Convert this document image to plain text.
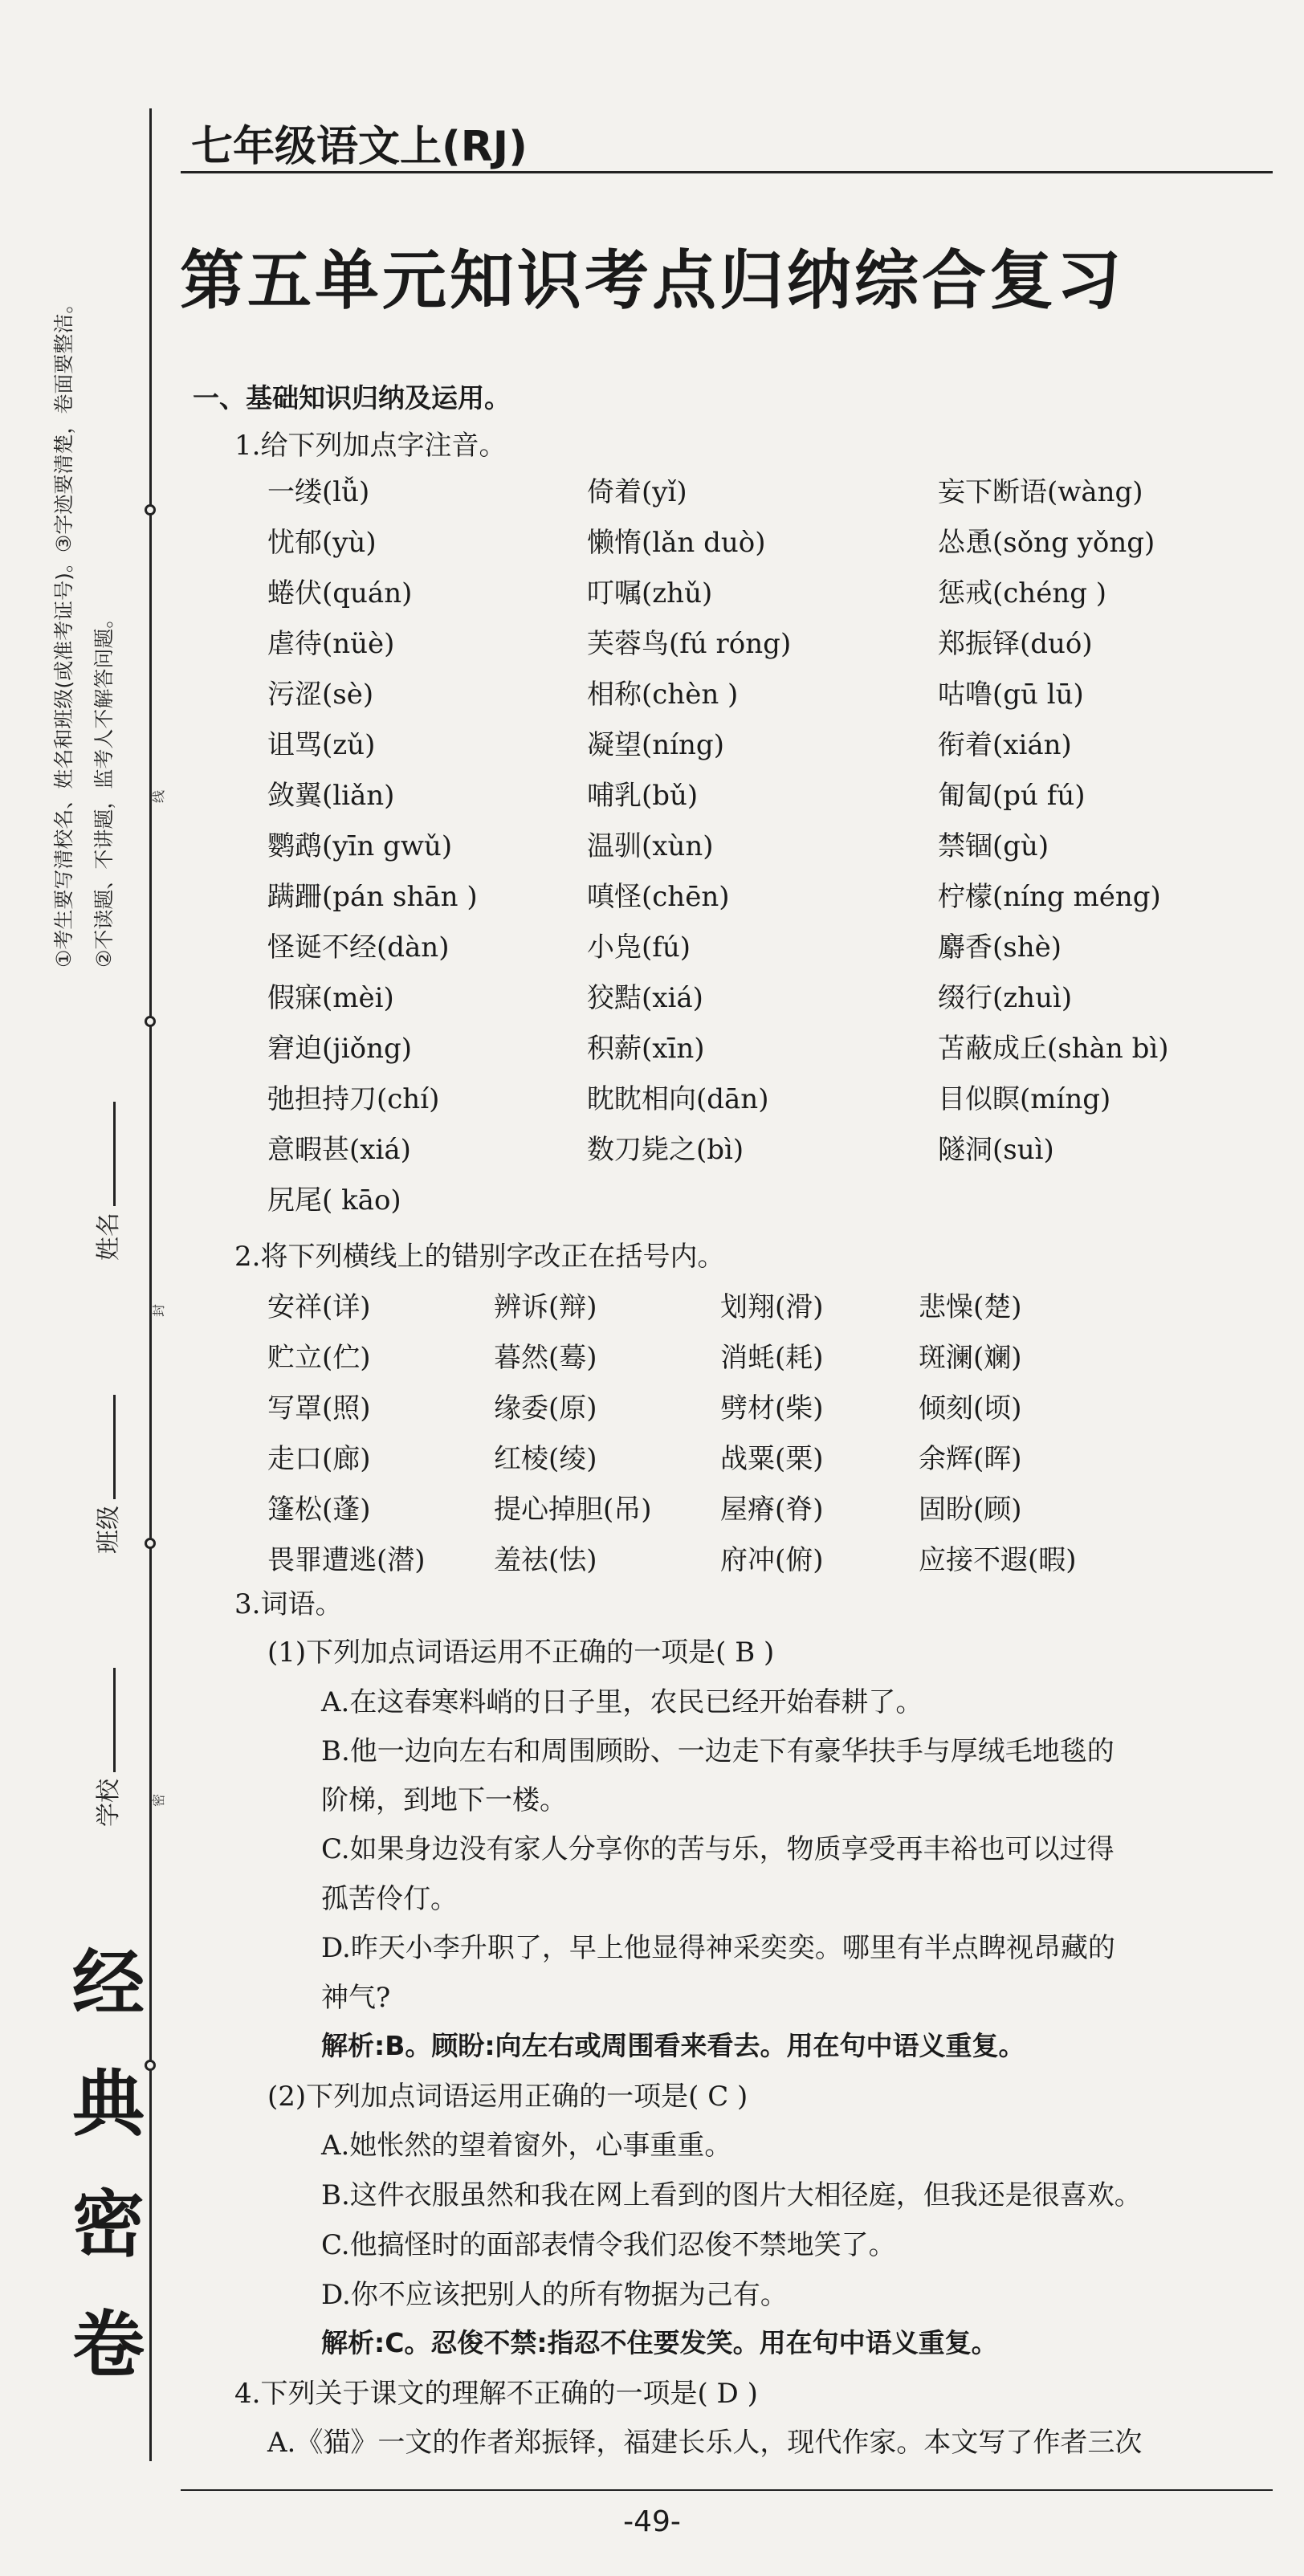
①考生要写清校名、姓名和班级(或准考证号)。③字迹要清楚，卷面要整洁。 ②不读题、不讲题，监考人不解答问题。	线
封
密
姓名
班级
学校
经典密卷
七年级语文上(RJ)
第五单元知识考点归纳综合复习
一、基础知识归纳及运用。
1.给下列加点字注音。
一缕(lǚ)	倚着(yǐ)	妄下断语(wàng)
忧郁(yù)	懒惰(lǎn duò)	怂恿(sǒng yǒng)
蜷伏(quán)	叮嘱(zhǔ)	惩戒(chéng )
虐待(nüè)	芙蓉鸟(fú róng)	郑振铎(duó)
污涩(sè)	相称(chèn )	咕噜(gū lū)
诅骂(zǔ)	凝望(níng)	衔着(xián)
敛翼(liǎn)	哺乳(bǔ)	匍匐(pú fú)
鹦鹉(yīn gwǔ)	温驯(xùn)	禁锢(gù)
蹒跚(pán shān )	嗔怪(chēn)	柠檬(níng méng)
怪诞不经(dàn)	小凫(fú)	麝香(shè)
假寐(mèi)	狡黠(xiá)	缀行(zhuì)
窘迫(jiǒng)	积薪(xīn)	苫蔽成丘(shàn bì)
弛担持刀(chí)	眈眈相向(dān)	目似瞑(míng)
意暇甚(xiá)	数刀毙之(bì)	隧洞(suì)
尻尾( kāo)
2.将下列横线上的错别字改正在括号内。
安祥(详)	辨诉(辩)	划翔(滑)	悲懆(楚)
贮立(伫)	暮然(蓦)	消蚝(耗)	斑澜(斓)
写罩(照)	缘委(原)	劈材(柴)	倾刻(顷)
走口(廊)	红棱(绫)	战粟(栗)	余辉(晖)
篷松(蓬)	提心掉胆(吊)	屋瘠(脊)	固盼(顾)
畏罪遭逃(潜)	羞祛(怯)	府冲(俯)	应接不遐(暇)
3.词语。
(1)下列加点词语运用不正确的一项是( B )
A.在这春寒料峭的日子里，农民已经开始春耕了。
B.他一边向左右和周围顾盼、一边走下有豪华扶手与厚绒毛地毯的
阶梯，到地下一楼。
C.如果身边没有家人分享你的苦与乐，物质享受再丰裕也可以过得
孤苦伶仃。
D.昨天小李升职了，早上他显得神采奕奕。哪里有半点睥视昂藏的
神气?
解析:B。顾盼:向左右或周围看来看去。用在句中语义重复。
(2)下列加点词语运用正确的一项是( C )
A.她怅然的望着窗外，心事重重。
B.这件衣服虽然和我在网上看到的图片大相径庭，但我还是很喜欢。
C.他搞怪时的面部表情令我们忍俊不禁地笑了。
D.你不应该把别人的所有物据为己有。
解析:C。忍俊不禁:指忍不住要发笑。用在句中语义重复。
4.下列关于课文的理解不正确的一项是( D )
A.《猫》一文的作者郑振铎，福建长乐人，现代作家。本文写了作者三次
-49-
